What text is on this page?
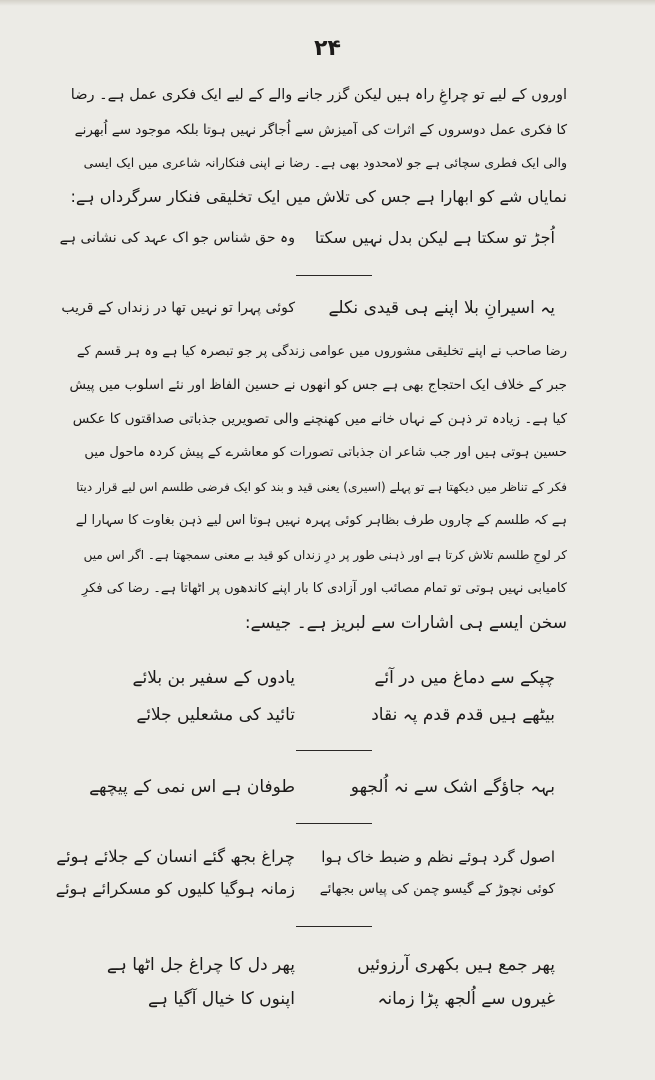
۲۴
اوروں کے لیے تو چراغِ راہ ہیں لیکن گزر جانے والے کے لیے ایک فکری عمل ہے۔ رضا
کا فکری عمل دوسروں کے اثرات کی آمیزش سے اُجاگر نہیں ہوتا بلکہ موجود سے اُبھرنے
والی ایک فطری سچائی ہے جو لامحدود بھی ہے۔ رضا نے اپنی فنکارانہ شاعری میں ایک ایسی
نمایاں شے کو ابھارا ہے جس کی تلاش میں ایک تخلیقی فنکار سرگرداں ہے:
اُجڑ تو سکتا ہے لیکن بدل نہیں سکتا
وہ حق شناس جو اک عہد کی نشانی ہے
یہ اسیرانِ بلا اپنے ہی قیدی نکلے
کوئی پہرا تو نہیں تھا در زنداں کے قریب
رضا صاحب نے اپنے تخلیقی مشوروں میں عوامی زندگی پر جو تبصرہ کیا ہے وہ ہر قسم کے
جبر کے خلاف ایک احتجاج بھی ہے جس کو انھوں نے حسین الفاظ اور نئے اسلوب میں پیش
کیا ہے۔ زیادہ تر ذہن کے نہاں خانے میں کھنچنے والی تصویریں جذباتی صداقتوں کا عکس
حسین ہوتی ہیں اور جب شاعر ان جذباتی تصورات کو معاشرے کے پیش کردہ ماحول میں
فکر کے تناظر میں دیکھتا ہے تو پہلے (اسیری) یعنی قید و بند کو ایک فرضی طلسم اس لیے قرار دیتا
ہے کہ طلسم کے چاروں طرف بظاہر کوئی پہرہ نہیں ہوتا اس لیے ذہن بغاوت کا سہارا لے
کر لوحِ طلسم تلاش کرتا ہے اور ذہنی طور پر درِ زنداں کو قید بے معنی سمجھتا ہے۔ اگر اس میں
کامیابی نہیں ہوتی تو تمام مصائب اور آزادی کا بار اپنے کاندھوں پر اٹھاتا ہے۔ رضا کی فکرِ
سخن ایسے ہی اشارات سے لبریز ہے۔ جیسے:
چپکے سے دماغ میں در آئے
یادوں کے سفیر بن بلائے
بیٹھے ہیں قدم قدم پہ نقاد
تائید کی مشعلیں جلائے
بہہ جاؤگے اشک سے نہ اُلجھو
طوفان ہے اس نمی کے پیچھے
اصول گرد ہوئے نظم و ضبط خاک ہوا
چراغ بجھ گئے انسان کے جلائے ہوئے
کوئی نچوڑ کے گیسو چمن کی پیاس بجھائے
زمانہ ہوگیا کلیوں کو مسکرائے ہوئے
پھر جمع ہیں بکھری آرزوئیں
پھر دل کا چراغ جل اٹھا ہے
غیروں سے اُلجھ پڑا زمانہ
اپنوں کا خیال آگیا ہے
